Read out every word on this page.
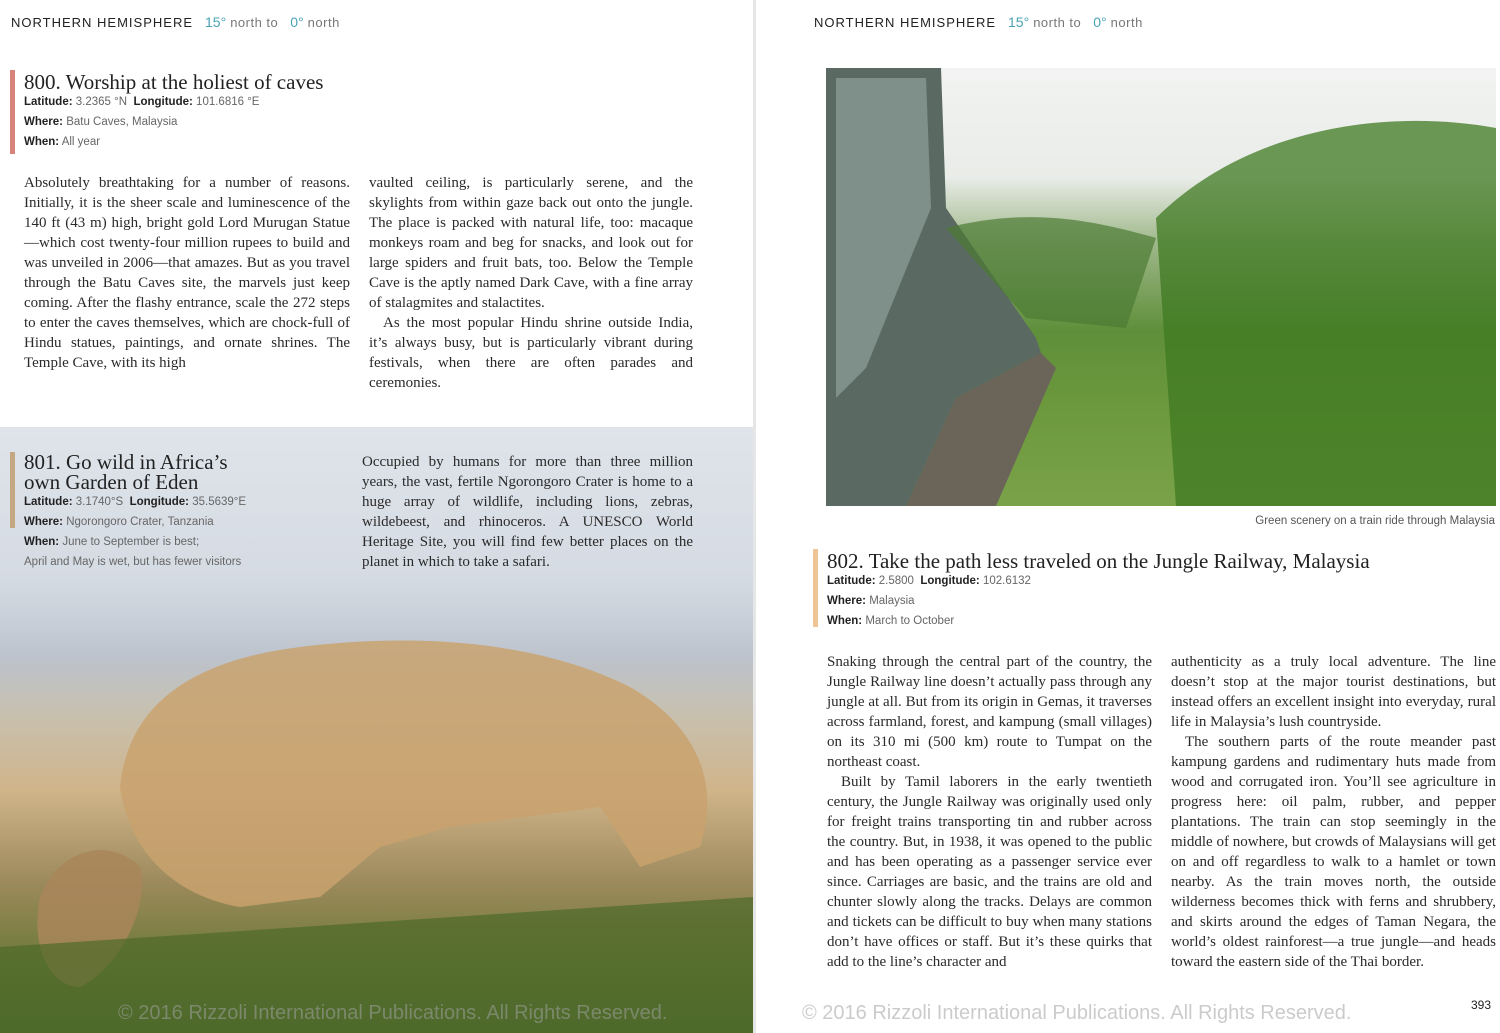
NORTHERN HEMISPHERE 15° north to 0° north
800. Worship at the holiest of caves
Latitude: 3.2365 °N Longitude: 101.6816 °E
Where: Batu Caves, Malaysia
When: All year

Absolutely breathtaking for a number of reasons. Initially, it is the sheer scale and luminescence of the 140 ft (43 m) high, bright gold Lord Murugan Statue—which cost twenty-four million rupees to build and was unveiled in 2006—that amazes. But as you travel through the Batu Caves site, the marvels just keep coming. After the flashy entrance, scale the 272 steps to enter the caves themselves, which are chock-full of Hindu statues, paintings, and ornate shrines. The Temple Cave, with its high

vaulted ceiling, is particularly serene, and the skylights from within gaze back out onto the jungle. The place is packed with natural life, too: macaque monkeys roam and beg for snacks, and look out for large spiders and fruit bats, too. Below the Temple Cave is the aptly named Dark Cave, with a fine array of stalagmites and stalactites.

As the most popular Hindu shrine outside India, it’s always busy, but is particularly vibrant during festivals, when there are often parades and ceremonies.

801. Go wild in Africa’s
own Garden of Eden
Latitude: 3.1740°S Longitude: 35.5639°E
Where: Ngorongoro Crater, Tanzania
When: June to September is best;
April and May is wet, but has fewer visitors

Occupied by humans for more than three million years, the vast, fertile Ngorongoro Crater is home to a huge array of wildlife, including lions, zebras, wildebeest, and rhinoceros. A UNESCO World Heritage Site, you will find few better places on the planet in which to take a safari.

© 2016 Rizzoli International Publications. All Rights Reserved.
NORTHERN HEMISPHERE 15° north to 0° north
Green scenery on a train ride through Malaysia
802. Take the path less traveled on the Jungle Railway, Malaysia
Latitude: 2.5800 Longitude: 102.6132
Where: Malaysia
When: March to October

Snaking through the central part of the country, the Jungle Railway line doesn’t actually pass through any jungle at all. But from its origin in Gemas, it traverses across farmland, forest, and kampung (small villages) on its 310 mi (500 km) route to Tumpat on the northeast coast.

Built by Tamil laborers in the early twentieth century, the Jungle Railway was originally used only for freight trains transporting tin and rubber across the country. But, in 1938, it was opened to the public and has been operating as a passenger service ever since. Carriages are basic, and the trains are old and chunter slowly along the tracks. Delays are common and tickets can be difficult to buy when many stations don’t have offices or staff. But it’s these quirks that add to the line’s character and

authenticity as a truly local adventure. The line doesn’t stop at the major tourist destinations, but instead offers an excellent insight into everyday, rural life in Malaysia’s lush countryside.

The southern parts of the route meander past kampung gardens and rudimentary huts made from wood and corrugated iron. You’ll see agriculture in progress here: oil palm, rubber, and pepper plantations. The train can stop seemingly in the middle of nowhere, but crowds of Malaysians will get on and off regardless to walk to a hamlet or town nearby. As the train moves north, the outside wilderness becomes thick with ferns and shrubbery, and skirts around the edges of Taman Negara, the world’s oldest rainforest—a true jungle—and heads toward the eastern side of the Thai border.

© 2016 Rizzoli International Publications. All Rights Reserved.	393
